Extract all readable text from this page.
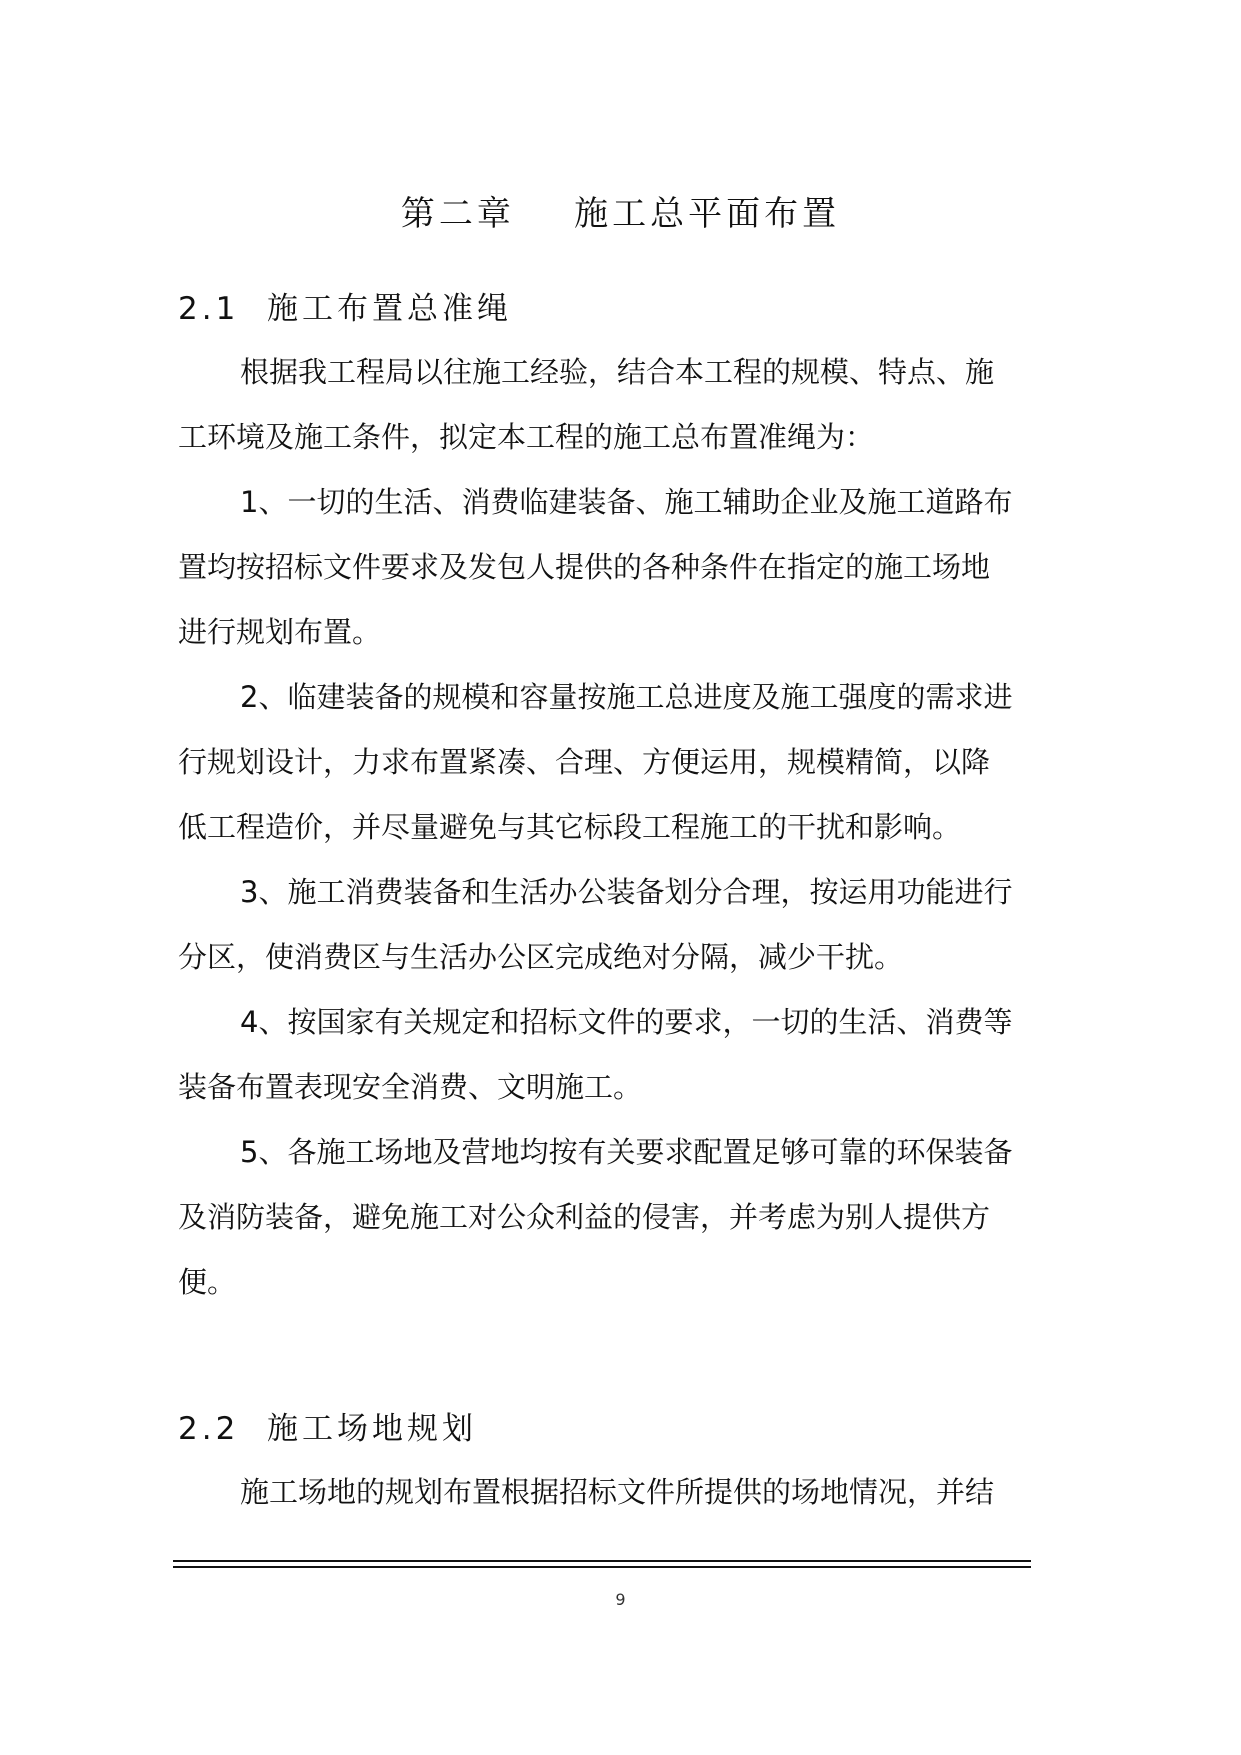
第二章    施工总平面布置
2.1  施工布置总准绳

根据我工程局以往施工经验，结合本工程的规模、特点、施
工环境及施工条件，拟定本工程的施工总布置准绳为：

1、一切的生活、消费临建装备、施工辅助企业及施工道路布
置均按招标文件要求及发包人提供的各种条件在指定的施工场地
进行规划布置。

2、临建装备的规模和容量按施工总进度及施工强度的需求进
行规划设计，力求布置紧凑、合理、方便运用，规模精简，以降
低工程造价，并尽量避免与其它标段工程施工的干扰和影响。

3、施工消费装备和生活办公装备划分合理，按运用功能进行
分区，使消费区与生活办公区完成绝对分隔，减少干扰。

4、按国家有关规定和招标文件的要求，一切的生活、消费等
装备布置表现安全消费、文明施工。

5、各施工场地及营地均按有关要求配置足够可靠的环保装备
及消防装备，避免施工对公众利益的侵害，并考虑为别人提供方
便。

2.2  施工场地规划

施工场地的规划布置根据招标文件所提供的场地情况，并结

9
